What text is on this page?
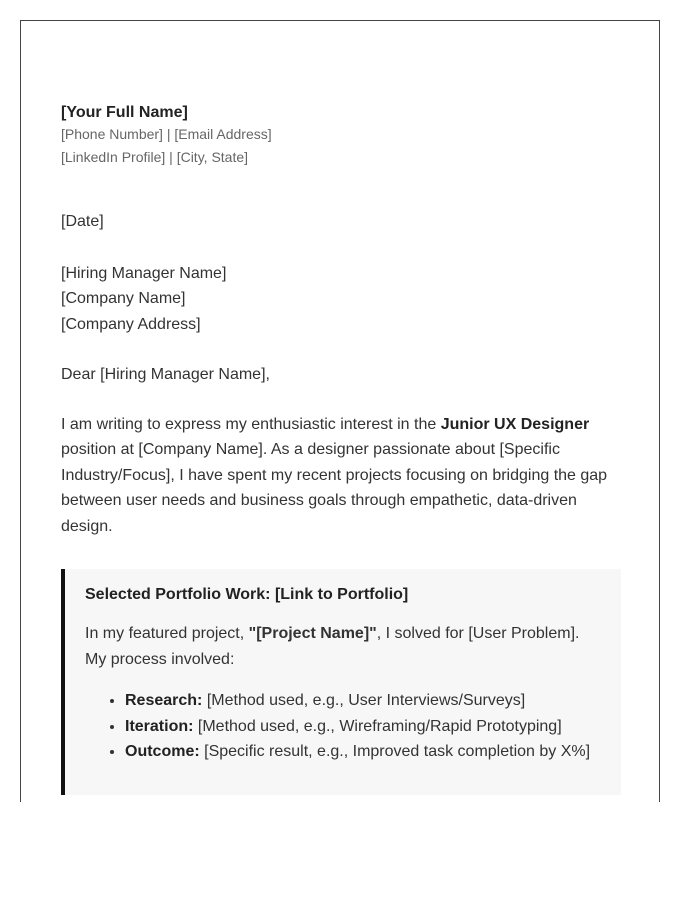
[Your Full Name]
[Phone Number] | [Email Address]
[LinkedIn Profile] | [City, State]
[Date]
[Hiring Manager Name]
[Company Name]
[Company Address]
Dear [Hiring Manager Name],
I am writing to express my enthusiastic interest in the Junior UX Designer position at [Company Name]. As a designer passionate about [Specific Industry/Focus], I have spent my recent projects focusing on bridging the gap between user needs and business goals through empathetic, data-driven design.
Selected Portfolio Work: [Link to Portfolio]
In my featured project, "[Project Name]", I solved for [User Problem]. My process involved:
• Research: [Method used, e.g., User Interviews/Surveys]
• Iteration: [Method used, e.g., Wireframing/Rapid Prototyping]
• Outcome: [Specific result, e.g., Improved task completion by X%]
